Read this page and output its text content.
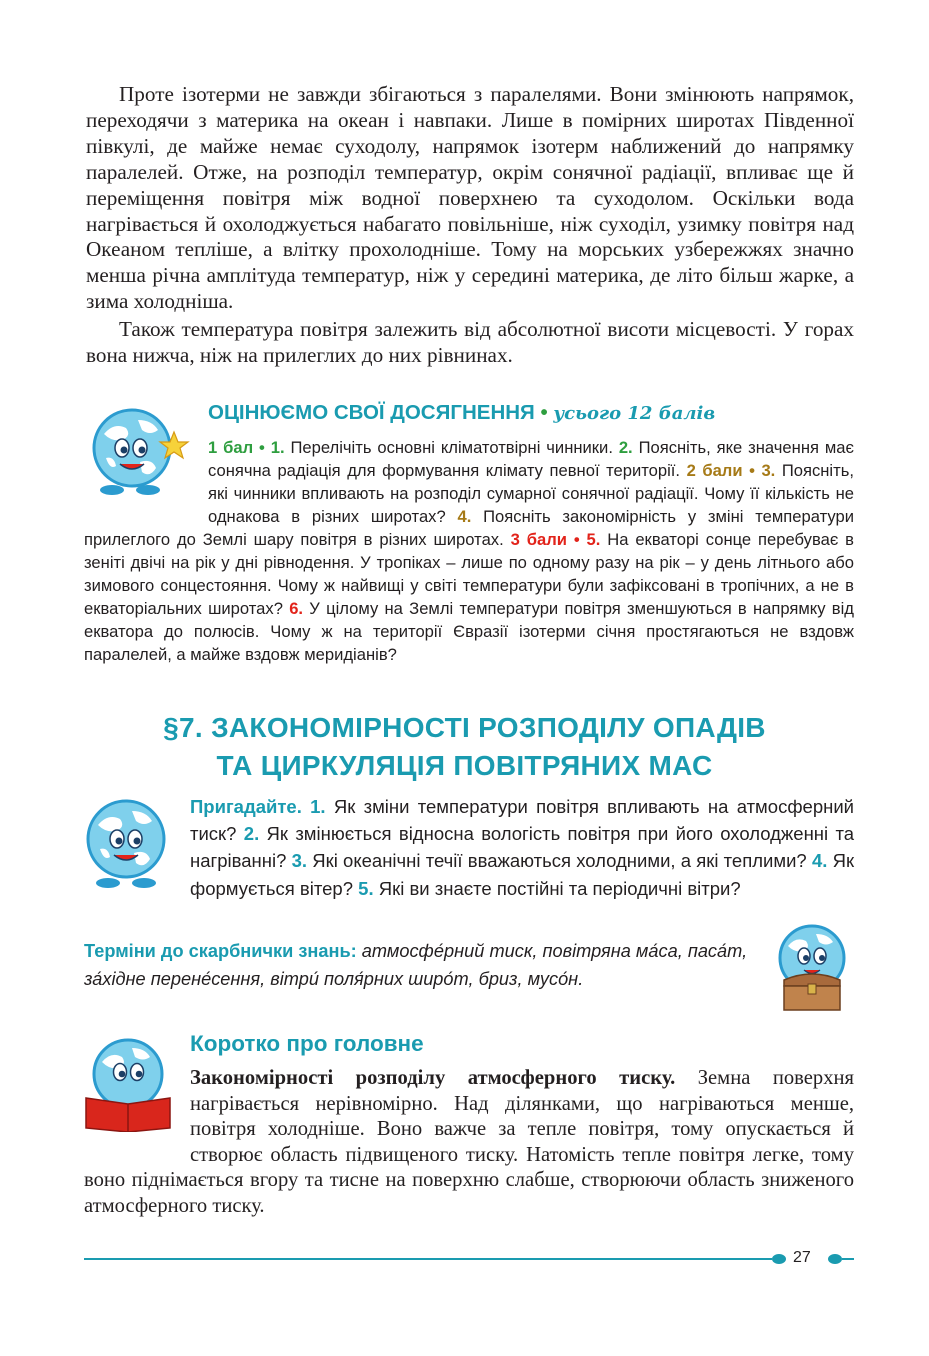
Проте ізотерми не завжди збігаються з паралелями. Вони змінюють напрямок, переходячи з материка на океан і навпаки. Лише в помірних широтах Південної півкулі, де майже немає суходолу, напрямок ізотерм наближений до напрямку паралелей. Отже, на розподіл температур, окрім сонячної радіації, впливає ще й переміщення повітря між водної поверхнею та суходолом. Оскільки вода нагрівається й охолоджується набагато повільніше, ніж суходіл, узимку повітря над Океаном тепліше, а влітку прохолодніше. Тому на морських узбережжях значно менша річна амплітуда температур, ніж у середині материка, де літо більш жарке, а зима холодніша.

Також температура повітря залежить від абсолютної висоти місцевості. У горах вона нижча, ніж на прилеглих до них рівнинах.

ОЦІНЮЄМО СВОЇ ДОСЯГНЕННЯ • усього 12 балів
1 бал • 1. Перелічіть основні кліматотвірні чинники. 2. Поясніть, яке значення має сонячна радіація для формування клімату певної території. 2 бали • 3. Поясніть, які чинники впливають на розподіл сумарної сонячної радіації. Чому її кількість не однакова в різних широтах? 4. Поясніть закономірність у зміні температури прилеглого до Землі шару повітря в різних широтах. 3 бали • 5. На екваторі сонце перебуває в зеніті двічі на рік у дні рівнодення. У тропіках – лише по одному разу на рік – у день літнього або зимового сонцестояння. Чому ж найвищі у світі температури були зафіксовані в тропічних, а не в екваторіальних широтах? 6. У цілому на Землі температури повітря зменшуються в напрямку від екватора до полюсів. Чому ж на території Євразії ізотерми січня простягаються не вздовж паралелей, а майже вздовж меридіанів?
§7. ЗАКОНОМІРНОСТІ РОЗПОДІЛУ ОПАДІВ
ТА ЦИРКУЛЯЦІЯ ПОВІТРЯНИХ МАС
Пригадайте. 1. Як зміни температури повітря впливають на атмосферний тиск? 2. Як змінюється відносна вологість повітря при його охолодженні та нагріванні? 3. Які океанічні течії вважаються холодними, а які теплими? 4. Як формується вітер? 5. Які ви знаєте постійні та періодичні вітри?
Терміни до скарбнички знань: атмосфе́рний тиск, повітряна ма́са, паса́т, за́хідне перене́сення, вітри́ поля́рних широ́т, бриз, мусо́н.
Коротко про головне
Закономірності розподілу атмосферного тиску. Земна поверхня нагрівається нерівномірно. Над ділянками, що нагріваються менше, повітря холодніше. Воно важче за тепле повітря, тому опускається й створює область підвищеного тиску. Натомість тепле повітря легке, тому воно піднімається вгору та тисне на поверхню слабше, створюючи область зниженого атмосферного тиску.
27
